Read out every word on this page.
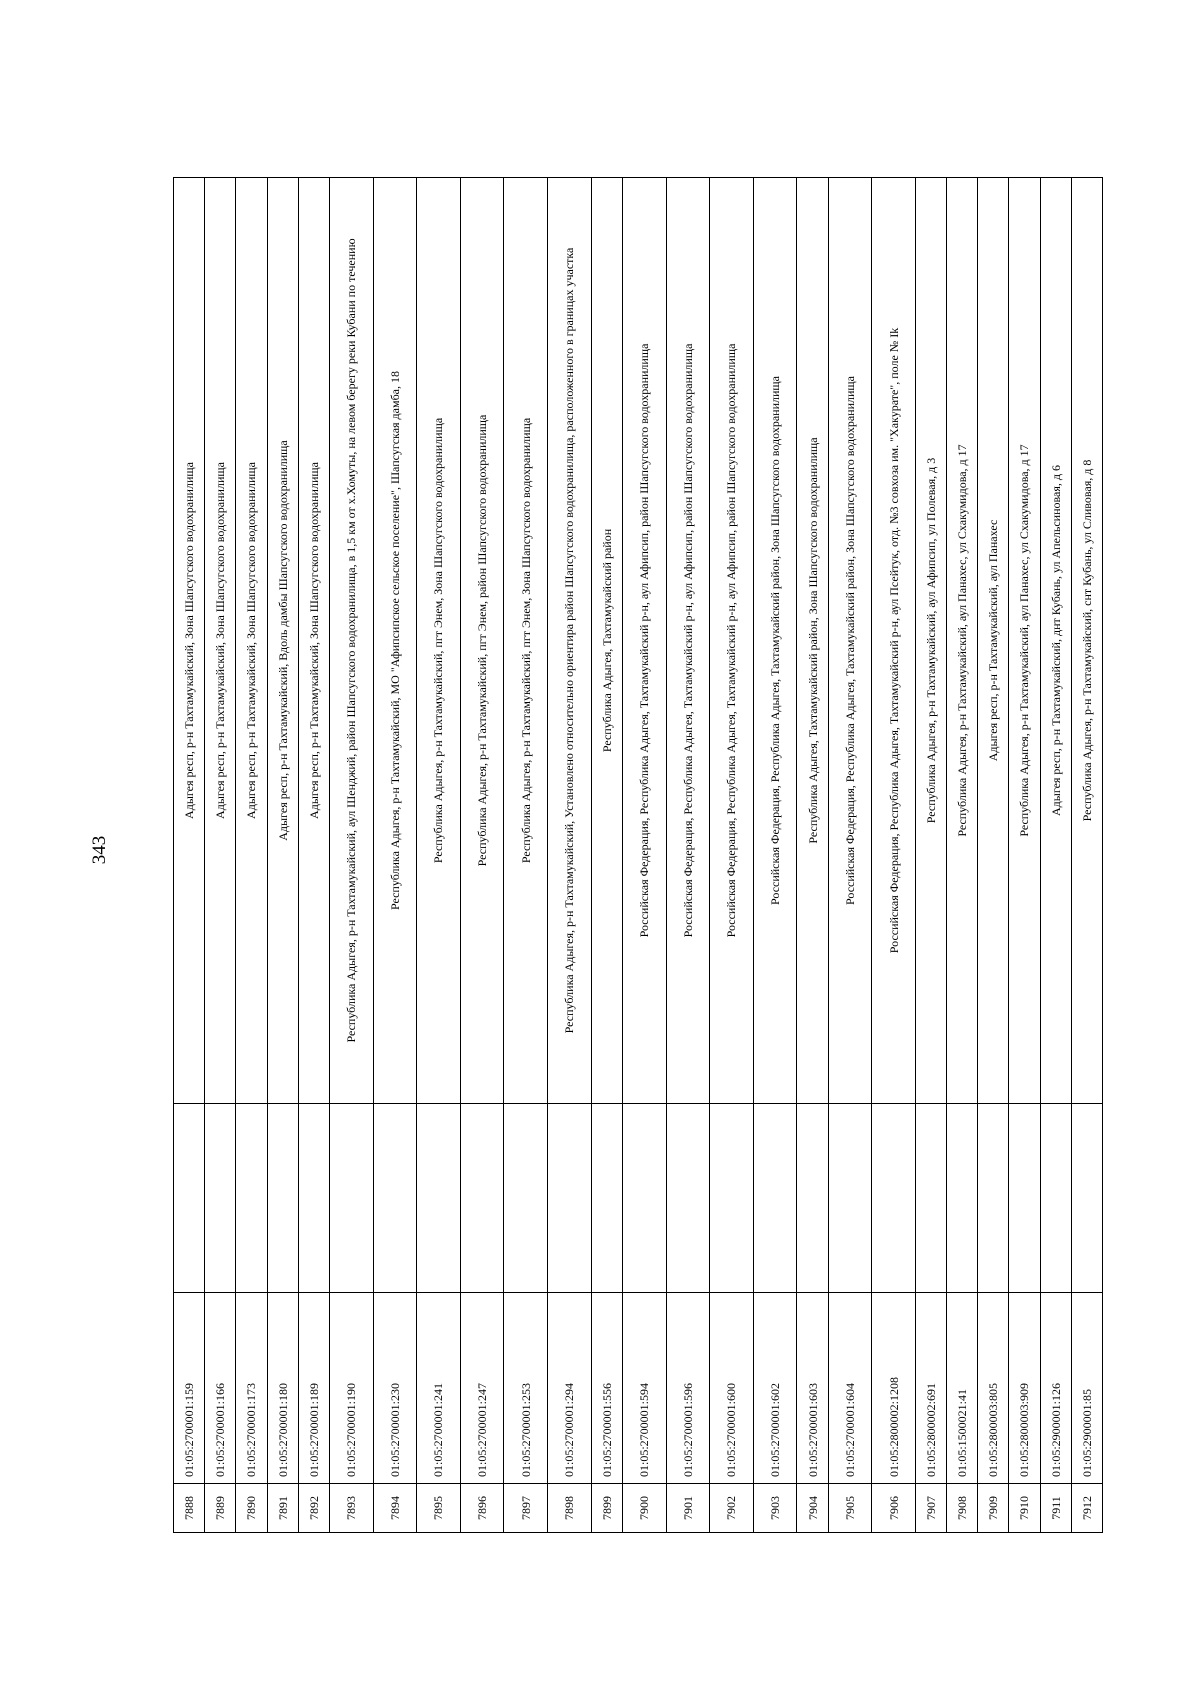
343
7888	01:05:2700001:159		Адыгея респ, р-н Тахтамукайский, Зона Шапсугского водохранилища
7889	01:05:2700001:166		Адыгея респ, р-н Тахтамукайский, Зона Шапсугского водохранилища
7890	01:05:2700001:173		Адыгея респ, р-н Тахтамукайский, Зона Шапсугского водохранилища
7891	01:05:2700001:180		Адыгея респ, р-н Тахтамукайский, Вдоль дамбы Шапсугского водохранилища
7892	01:05:2700001:189		Адыгея респ, р-н Тахтамукайский, Зона Шапсугского водохранилища
7893	01:05:2700001:190		Республика Адыгея, р-н Тахтамукайский, аул Шенджий, район Шапсугского водохранилища, в 1,5 км от х.Хомуты, на левом берегу реки Кубани по течению
7894	01:05:2700001:230		Республика Адыгея, р-н Тахтамукайский, МО "Афипсипское сельское поселение", Шапсугская дамба, 18
7895	01:05:2700001:241		Республика Адыгея, р-н Тахтамукайский, пгт Энем, Зона Шапсугского водохранилища
7896	01:05:2700001:247		Республика Адыгея, р-н Тахтамукайский, пгт Энем, район Шапсугского водохранилища
7897	01:05:2700001:253		Республика Адыгея, р-н Тахтамукайский, пгт Энем, Зона Шапсугского водохранилища
7898	01:05:2700001:294		Республика Адыгея, р-н Тахтамукайский, Установлено относительно ориентира район Шапсугского водохранилища, расположенного в границах участка
7899	01:05:2700001:556		Республика Адыгея, Тахтамукайский район
7900	01:05:2700001:594		Российская Федерация, Республика Адыгея, Тахтамукайский р-н, аул Афипсип, район Шапсугского водохранилища
7901	01:05:2700001:596		Российская Федерация, Республика Адыгея, Тахтамукайский р-н, аул Афипсип, район Шапсугского водохранилища
7902	01:05:2700001:600		Российская Федерация, Республика Адыгея, Тахтамукайский р-н, аул Афипсип, район Шапсугского водохранилища
7903	01:05:2700001:602		Российская Федерация, Республика Адыгея, Тахтамукайский район, Зона Шапсугского водохранилища
7904	01:05:2700001:603		Республика Адыгея, Тахтамукайский район, Зона Шапсугского водохранилища
7905	01:05:2700001:604		Российская Федерация, Республика Адыгея, Тахтамукайский район, Зона Шапсугского водохранилища
7906	01:05:2800002:1208		Российская Федерация, Республика Адыгея, Тахтамукайский р-н, аул Псейтук, отд. №3 совхоза им. "Хакурате", поле № Ik
7907	01:05:2800002:691		Республика Адыгея, р-н Тахтамукайский, аул Афипсип, ул Полевая, д 3
7908	01:05:1500021:41		Республика Адыгея, р-н Тахтамукайский, аул Панахес, ул Схакумидова, д 17
7909	01:05:2800003:805		Адыгея респ, р-н Тахтамукайский, аул Панахес
7910	01:05:2800003:909		Республика Адыгея, р-н Тахтамукайский, аул Панахес, ул Схакумидова, д 17
7911	01:05:2900001:126		Адыгея респ, р-н Тахтамукайский, днт Кубань, ул Апельсиновая, д 6
7912	01:05:2900001:85		Республика Адыгея, р-н Тахтамукайский, снт Кубань, ул Сливовая, д 8
